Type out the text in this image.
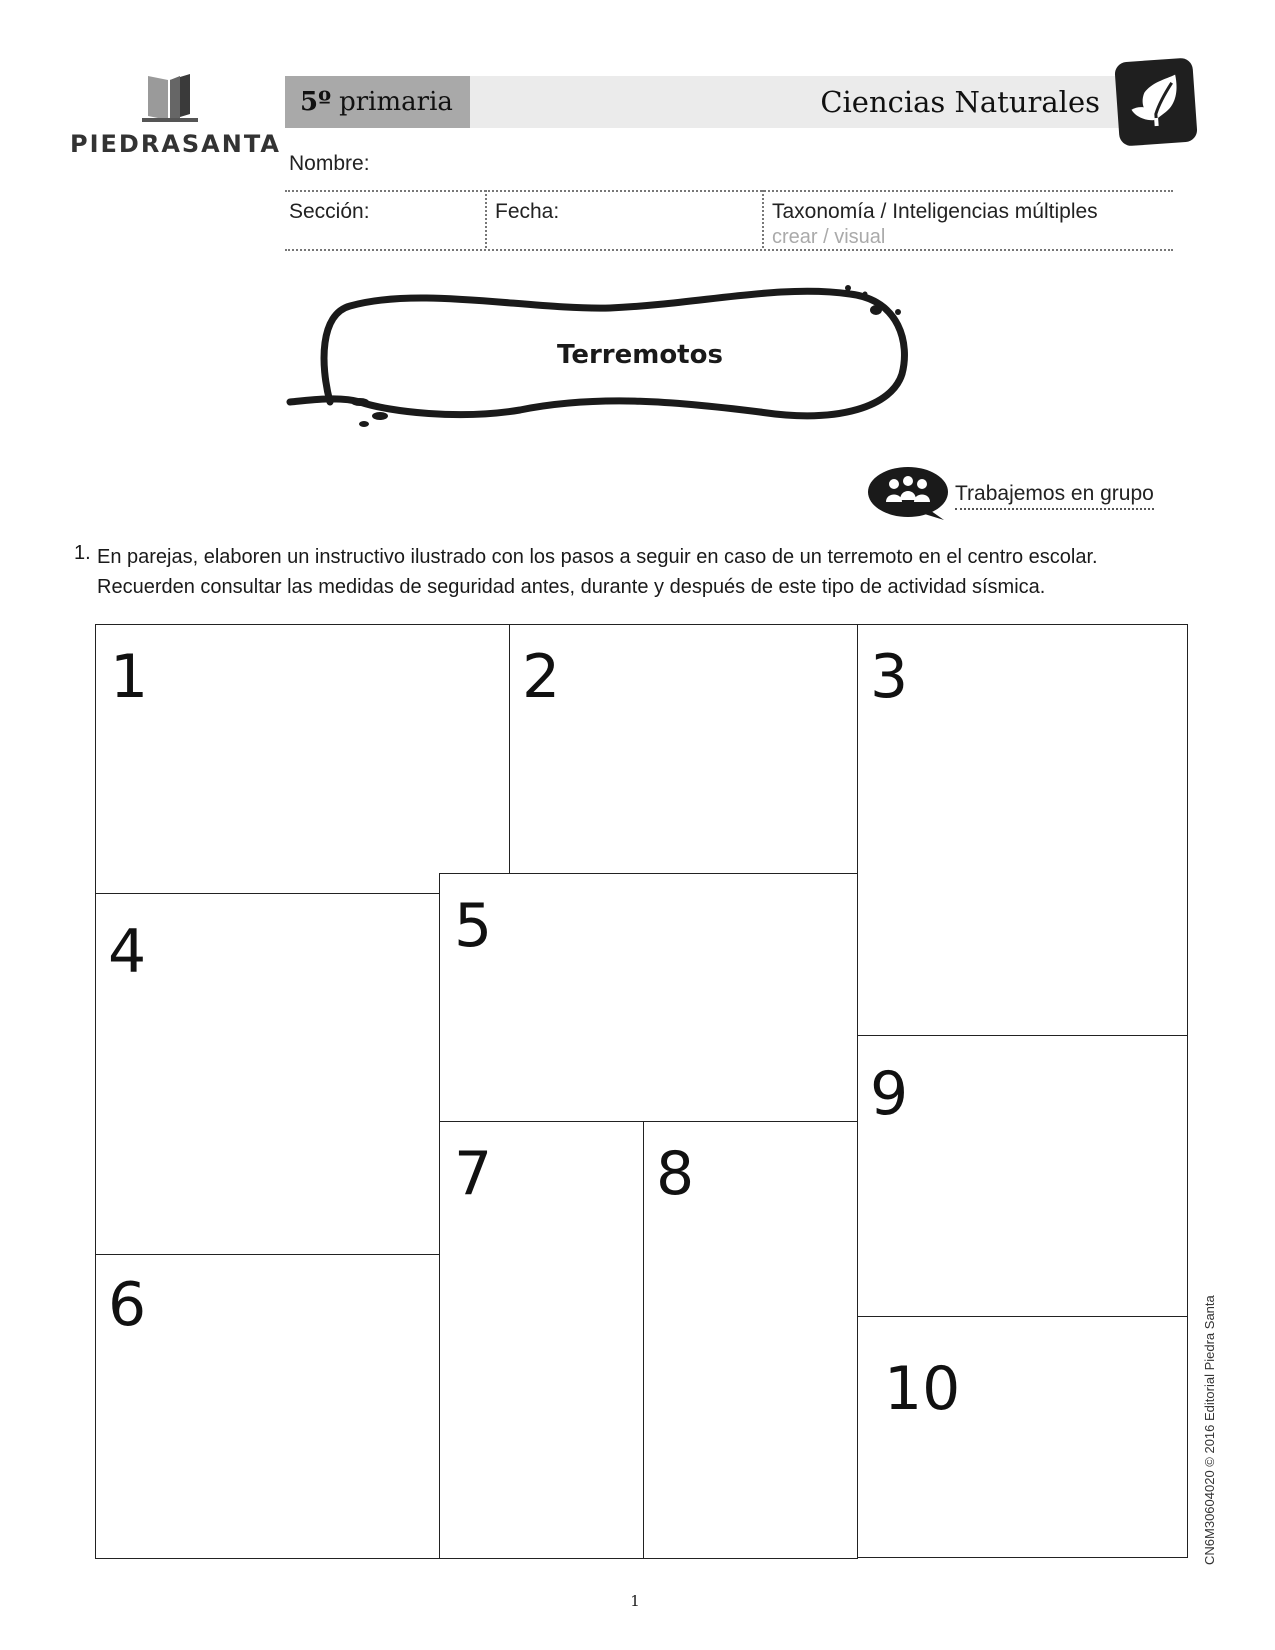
PIEDRASANTA
5º primaria	Ciencias Naturales
Nombre:
Sección:	Fecha:	Taxonomía / Inteligencias múltiples
crear / visual
Terremotos
Trabajemos en grupo
1. En parejas, elaboren un instructivo ilustrado con los pasos a seguir en caso de un terremoto en el centro escolar. Recuerden consultar las medidas de seguridad antes, durante y después de este tipo de actividad sísmica.
1	2	3
4	5
6
7	8
9
10	CN6M30604020 © 2016 Editorial Piedra Santa
1
